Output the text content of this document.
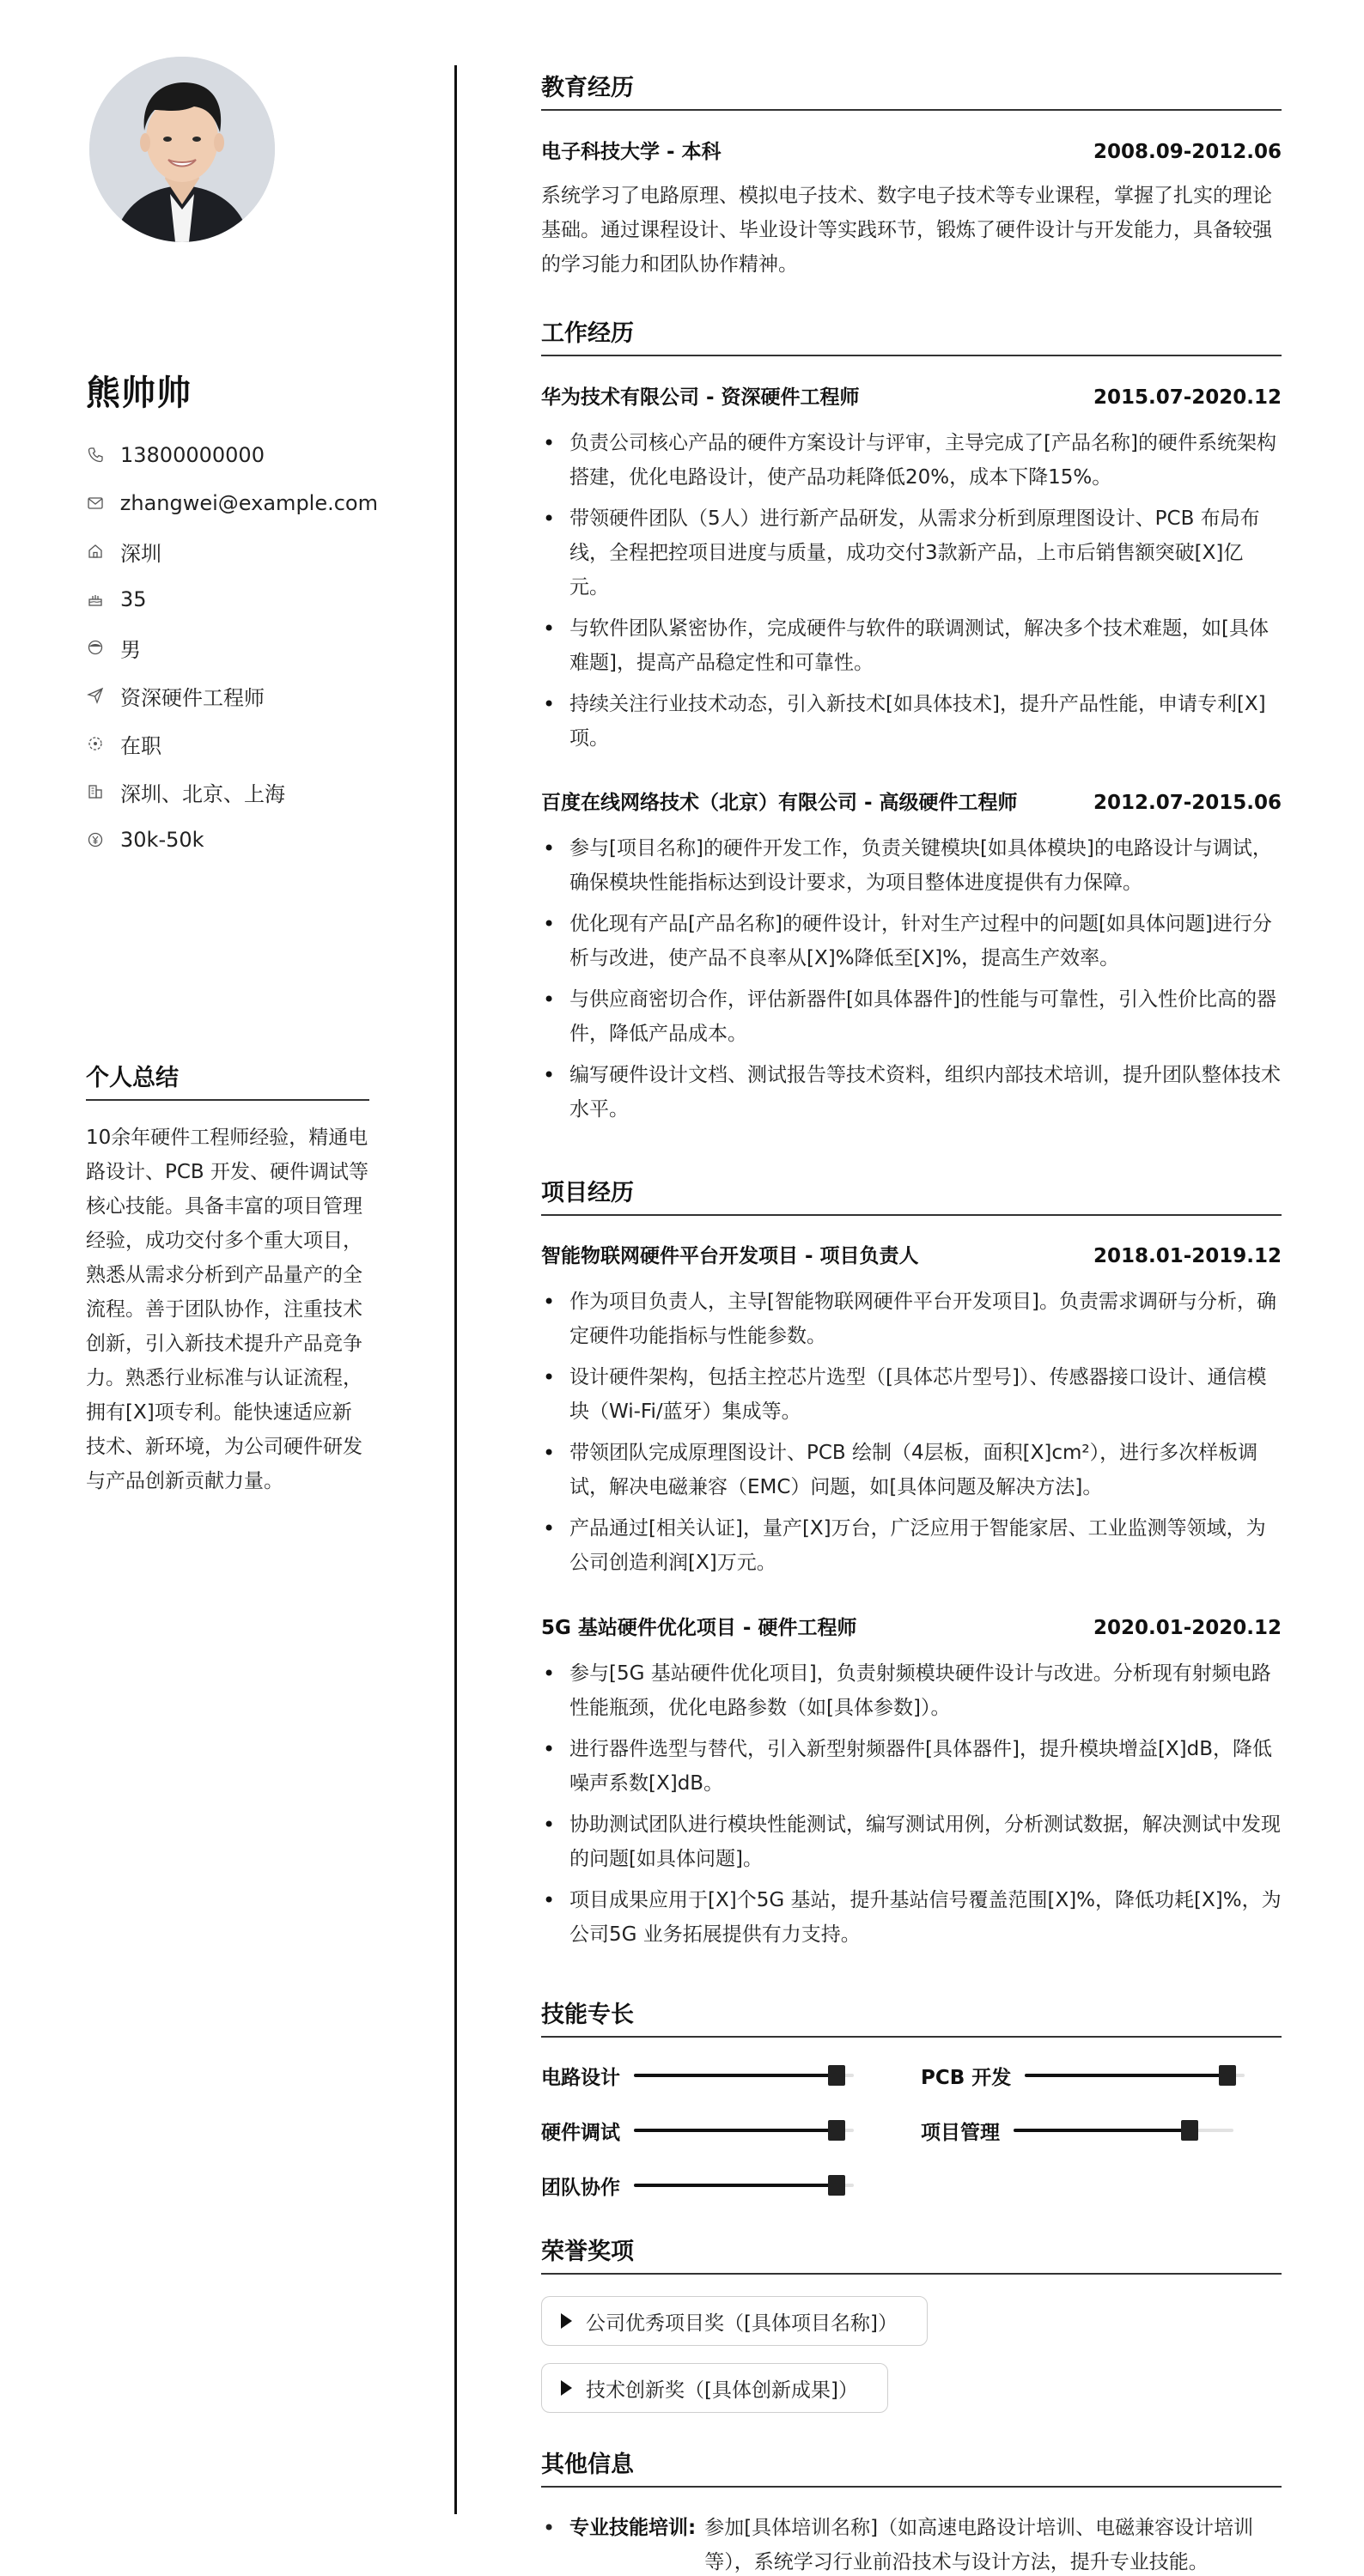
熊帅帅
13800000000
zhangwei@example.com
深圳
35
男
资深硬件工程师
在职
深圳、北京、上海
30k-50k
个人总结
10余年硬件工程师经验，精通电路设计、PCB 开发、硬件调试等核心技能。具备丰富的项目管理经验，成功交付多个重大项目，熟悉从需求分析到产品量产的全流程。善于团队协作，注重技术创新，引入新技术提升产品竞争力。熟悉行业标准与认证流程，拥有[X]项专利。能快速适应新技术、新环境，为公司硬件研发与产品创新贡献力量。
教育经历
电子科技大学 - 本科	2008.09-2012.06
系统学习了电路原理、模拟电子技术、数字电子技术等专业课程，掌握了扎实的理论基础。通过课程设计、毕业设计等实践环节，锻炼了硬件设计与开发能力，具备较强的学习能力和团队协作精神。
工作经历
华为技术有限公司 - 资深硬件工程师	2015.07-2020.12
• 负责公司核心产品的硬件方案设计与评审，主导完成了[产品名称]的硬件系统架构搭建，优化电路设计，使产品功耗降低20%，成本下降15%。
• 带领硬件团队（5人）进行新产品研发，从需求分析到原理图设计、PCB 布局布线，全程把控项目进度与质量，成功交付3款新产品，上市后销售额突破[X]亿元。
• 与软件团队紧密协作，完成硬件与软件的联调测试，解决多个技术难题，如[具体难题]，提高产品稳定性和可靠性。
• 持续关注行业技术动态，引入新技术[如具体技术]，提升产品性能，申请专利[X]项。
百度在线网络技术（北京）有限公司 - 高级硬件工程师	2012.07-2015.06
• 参与[项目名称]的硬件开发工作，负责关键模块[如具体模块]的电路设计与调试，确保模块性能指标达到设计要求，为项目整体进度提供有力保障。
• 优化现有产品[产品名称]的硬件设计，针对生产过程中的问题[如具体问题]进行分析与改进，使产品不良率从[X]%降低至[X]%，提高生产效率。
• 与供应商密切合作，评估新器件[如具体器件]的性能与可靠性，引入性价比高的器件，降低产品成本。
• 编写硬件设计文档、测试报告等技术资料，组织内部技术培训，提升团队整体技术水平。
项目经历
智能物联网硬件平台开发项目 - 项目负责人	2018.01-2019.12
• 作为项目负责人，主导[智能物联网硬件平台开发项目]。负责需求调研与分析，确定硬件功能指标与性能参数。
• 设计硬件架构，包括主控芯片选型（[具体芯片型号]）、传感器接口设计、通信模块（Wi-Fi/蓝牙）集成等。
• 带领团队完成原理图设计、PCB 绘制（4层板，面积[X]cm²），进行多次样板调试，解决电磁兼容（EMC）问题，如[具体问题及解决方法]。
• 产品通过[相关认证]，量产[X]万台，广泛应用于智能家居、工业监测等领域，为公司创造利润[X]万元。
5G 基站硬件优化项目 - 硬件工程师	2020.01-2020.12
• 参与[5G 基站硬件优化项目]，负责射频模块硬件设计与改进。分析现有射频电路性能瓶颈，优化电路参数（如[具体参数]）。
• 进行器件选型与替代，引入新型射频器件[具体器件]，提升模块增益[X]dB，降低噪声系数[X]dB。
• 协助测试团队进行模块性能测试，编写测试用例，分析测试数据，解决测试中发现的问题[如具体问题]。
• 项目成果应用于[X]个5G 基站，提升基站信号覆盖范围[X]%，降低功耗[X]%，为公司5G 业务拓展提供有力支持。
技能专长
电路设计	PCB 开发
硬件调试	项目管理
团队协作
荣誉奖项
公司优秀项目奖（[具体项目名称]）
技术创新奖（[具体创新成果]）
其他信息
• 专业技能培训: 参加[具体培训名称]（如高速电路设计培训、电磁兼容设计培训等），系统学习行业前沿技术与设计方法，提升专业技能。
